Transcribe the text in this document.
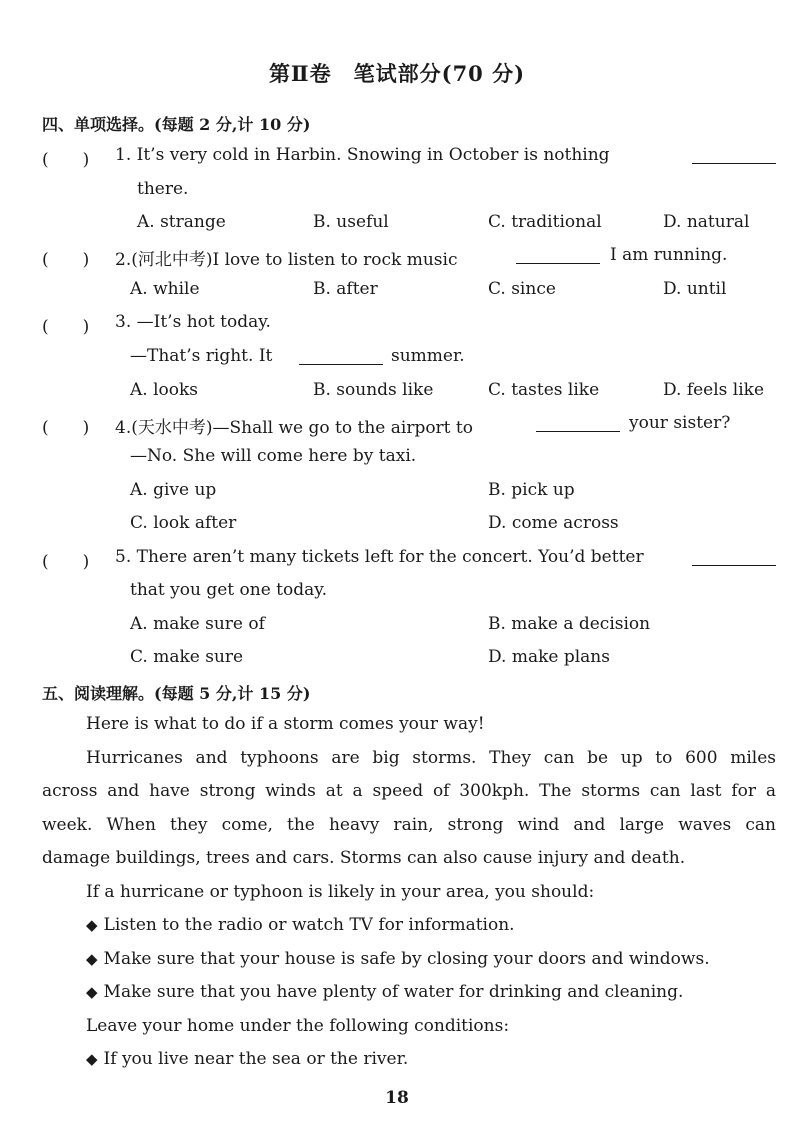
第Ⅱ卷　笔试部分(70 分)
四、单项选择。(每题 2 分,计 10 分)
(　　) 1. It’s very cold in Harbin. Snowing in October is nothing
there.
A. strange	B. useful	C. traditional	D. natural
(　　) 2.(河北中考)I love to listen to rock music	I am running.
A. while	B. after	C. since	D. until
(　　) 3. —It’s hot today.
—That’s right. It	summer.
A. looks	B. sounds like	C. tastes like	D. feels like
(　　) 4.(天水中考)—Shall we go to the airport to	your sister?
—No. She will come here by taxi.
A. give up	B. pick up
C. look after	D. come across
(　　) 5. There aren’t many tickets left for the concert. You’d better
that you get one today.
A. make sure of	B. make a decision
C. make sure	D. make plans
五、阅读理解。(每题 5 分,计 15 分)
Here is what to do if a storm comes your way!
Hurricanes and typhoons are big storms. They can be up to 600 miles
across and have strong winds at a speed of 300kph. The storms can last for a
week. When they come, the heavy rain, strong wind and large waves can
damage buildings, trees and cars. Storms can also cause injury and death.
If a hurricane or typhoon is likely in your area, you should:
◆ Listen to the radio or watch TV for information.
◆ Make sure that your house is safe by closing your doors and windows.
◆ Make sure that you have plenty of water for drinking and cleaning.
Leave your home under the following conditions:
◆ If you live near the sea or the river.
18
